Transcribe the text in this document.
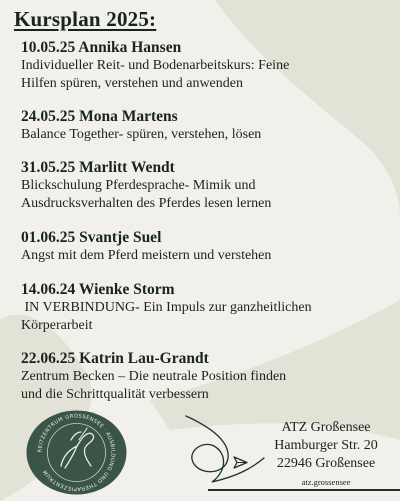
Kursplan 2025:
10.05.25 Annika Hansen
Individueller Reit- und Bodenarbeitskurs: Feine
Hilfen spüren, verstehen und anwenden
24.05.25 Mona Martens
Balance Together- spüren, verstehen, lösen
31.05.25 Marlitt Wendt
Blickschulung Pferdesprache- Mimik und
Ausdrucksverhalten des Pferdes lesen lernen
01.06.25 Svantje Suel
Angst mit dem Pferd meistern und verstehen
14.06.24 Wienke Storm
IN VERBINDUNG- Ein Impuls zur ganzheitlichen
Körperarbeit
22.06.25 Katrin Lau-Grandt
Zentrum Becken – Die neutrale Position finden
und die Schrittqualität verbessern
REITZENTRUM GROSSENSEE · AUSBILDUNG UND THERAPIEZENTRUM
ATZ Großensee
Hamburger Str. 20
22946 Großensee
atz.grossensee
